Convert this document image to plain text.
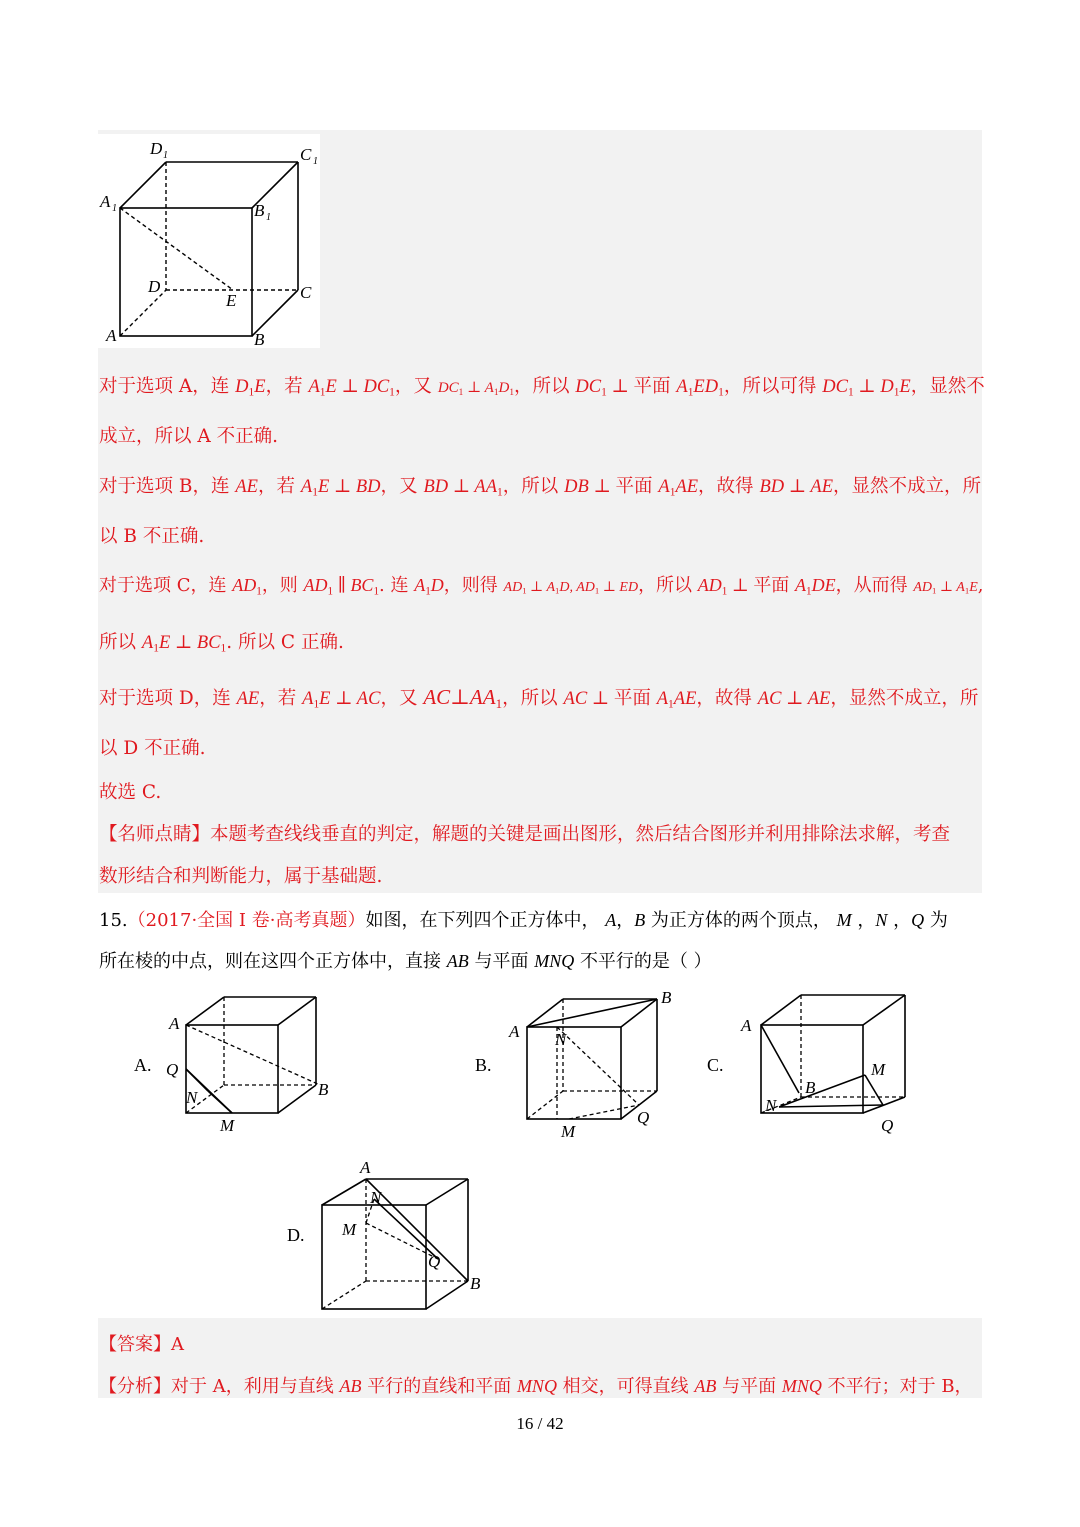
D 1	C 1
A 1	B 1
D
E	C
A	B
对于选项 A，连 D1E，若 A1E ⊥ DC1，又 DC1 ⊥ A1D1，所以 DC1 ⊥ 平面 A1ED1，所以可得 DC1 ⊥ D1E，显然不
成立，所以 A 不正确.
对于选项 B，连 AE，若 A1E ⊥ BD，又 BD ⊥ AA1，所以 DB ⊥ 平面 A1AE，故得 BD ⊥ AE，显然不成立，所
以 B 不正确.
对于选项 C，连 AD1，则 AD1 ∥ BC1. 连 A1D，则得 AD1 ⊥ A1D, AD1 ⊥ ED，所以 AD1 ⊥ 平面 A1DE，从而得 AD1 ⊥ A1E,
所以 A1E ⊥ BC1. 所以 C 正确.
对于选项 D，连 AE，若 A1E ⊥ AC，又 AC⊥AA1，所以 AC ⊥ 平面 A1AE，故得 AC ⊥ AE，显然不成立，所
以 D 不正确.
故选 C.
【名师点睛】本题考查线线垂直的判定，解题的关键是画出图形，然后结合图形并利用排除法求解，考查
数形结合和判断能力，属于基础题.
15.（2017·全国 I 卷·高考真题）如图，在下列四个正方体中， A，B 为正方体的两个顶点， M ，N ，Q 为
所在棱的中点，则在这四个正方体中，直接 AB 与平面 MNQ 不平行的是（ ）
A.
A
Q
N
M
B
B.
A N
B
Q
M
C.
A
B
M
N
Q
D.
A
N
M
Q
B
【答案】A
【分析】对于 A，利用与直线 AB 平行的直线和平面 MNQ 相交，可得直线 AB 与平面 MNQ 不平行；对于 B，
16 / 42
